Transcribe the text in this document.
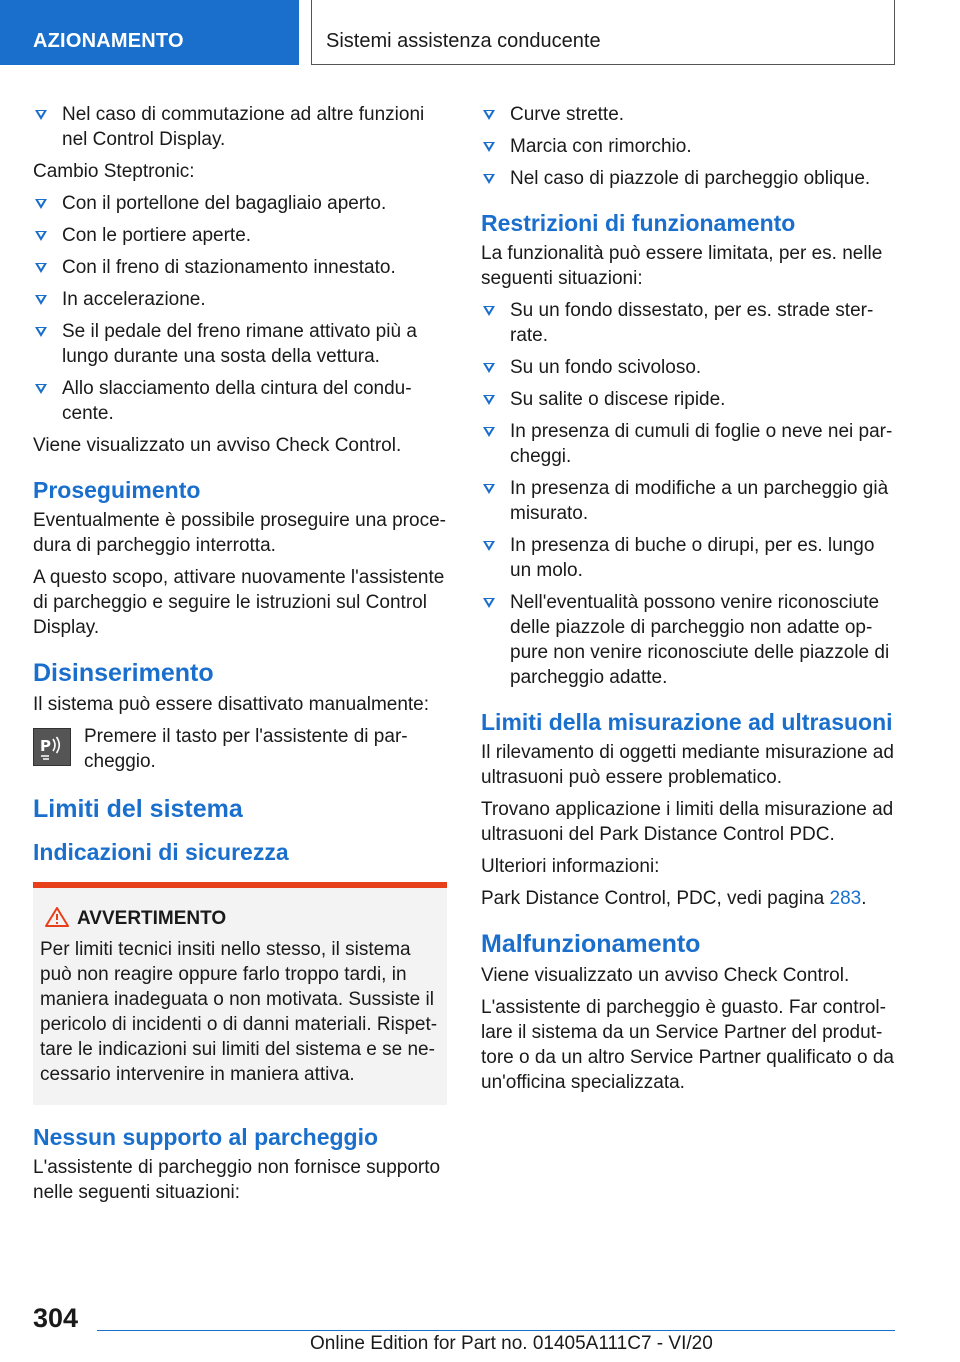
AZIONAMENTO	Sistemi assistenza conducente
Nel caso di commutazione ad altre funzioni nel Control Display.

Cambio Steptronic:

Con il portellone del bagagliaio aperto.
Con le portiere aperte.
Con il freno di stazionamento innestato.
In accelerazione.
Se il pedale del freno rimane attivato più a lungo durante una sosta della vettura.
Allo slacciamento della cintura del conducente.

Viene visualizzato un avviso Check Control.

Proseguimento

Eventualmente è possibile proseguire una procedura di parcheggio interrotta.

A questo scopo, attivare nuovamente l'assistente di parcheggio e seguire le istruzioni sul Control Display.

Disinserimento

Il sistema può essere disattivato manualmente:

P Premere il tasto per l'assistente di parcheggio.
Limiti del sistema
Indicazioni di sicurezza
AVVERTIMENTO
Per limiti tecnici insiti nello stesso, il sistema può non reagire oppure farlo troppo tardi, in maniera inadeguata o non motivata. Sussiste il pericolo di incidenti o di danni materiali. Rispettare le indicazioni sui limiti del sistema e se necessario intervenire in maniera attiva.
Nessun supporto al parcheggio

L'assistente di parcheggio non fornisce supporto nelle seguenti situazioni:

Curve strette.
Marcia con rimorchio.
Nel caso di piazzole di parcheggio oblique.
Restrizioni di funzionamento

La funzionalità può essere limitata, per es. nelle seguenti situazioni:

Su un fondo dissestato, per es. strade sterrate.
Su un fondo scivoloso.
Su salite o discese ripide.
In presenza di cumuli di foglie o neve nei parcheggi.
In presenza di modifiche a un parcheggio già misurato.
In presenza di buche o dirupi, per es. lungo un molo.
Nell'eventualità possono venire riconosciute delle piazzole di parcheggio non adatte oppure non venire riconosciute delle piazzole di parcheggio adatte.
Limiti della misurazione ad ultrasuoni

Il rilevamento di oggetti mediante misurazione ad ultrasuoni può essere problematico.

Trovano applicazione i limiti della misurazione ad ultrasuoni del Park Distance Control PDC.

Ulteriori informazioni:

Park Distance Control, PDC, vedi pagina 283.

Malfunzionamento

Viene visualizzato un avviso Check Control.

L'assistente di parcheggio è guasto. Far controllare il sistema da un Service Partner del produttore o da un altro Service Partner qualificato o da un'officina specializzata.

304
Online Edition for Part no. 01405A111C7 - VI/20
